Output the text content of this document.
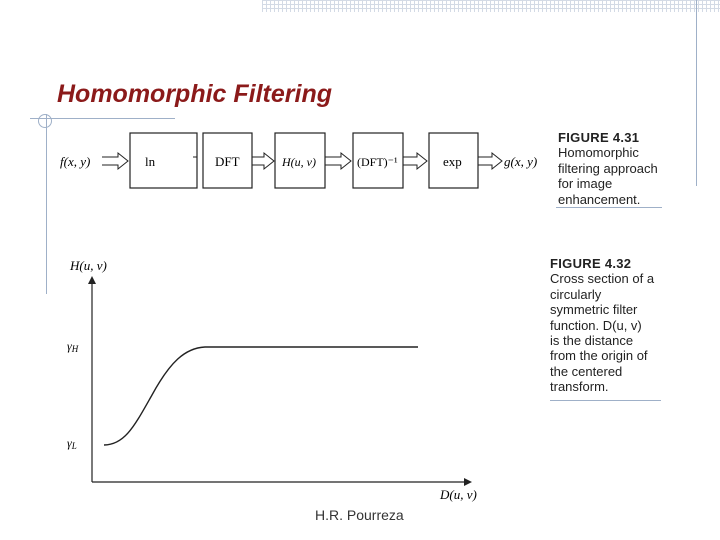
Homomorphic Filtering
f(x, y)	ln	DFT	H(u, v)	(DFT)⁻¹	exp	g(x, y)
H(u, v)
D(u, v)
γH
γL
FIGURE 4.31
Homomorphic
filtering approach
for image
enhancement.
FIGURE 4.32
Cross section of a
circularly
symmetric filter
function. D(u, v)
is the distance
from the origin of
the centered
transform.
H.R. Pourreza
